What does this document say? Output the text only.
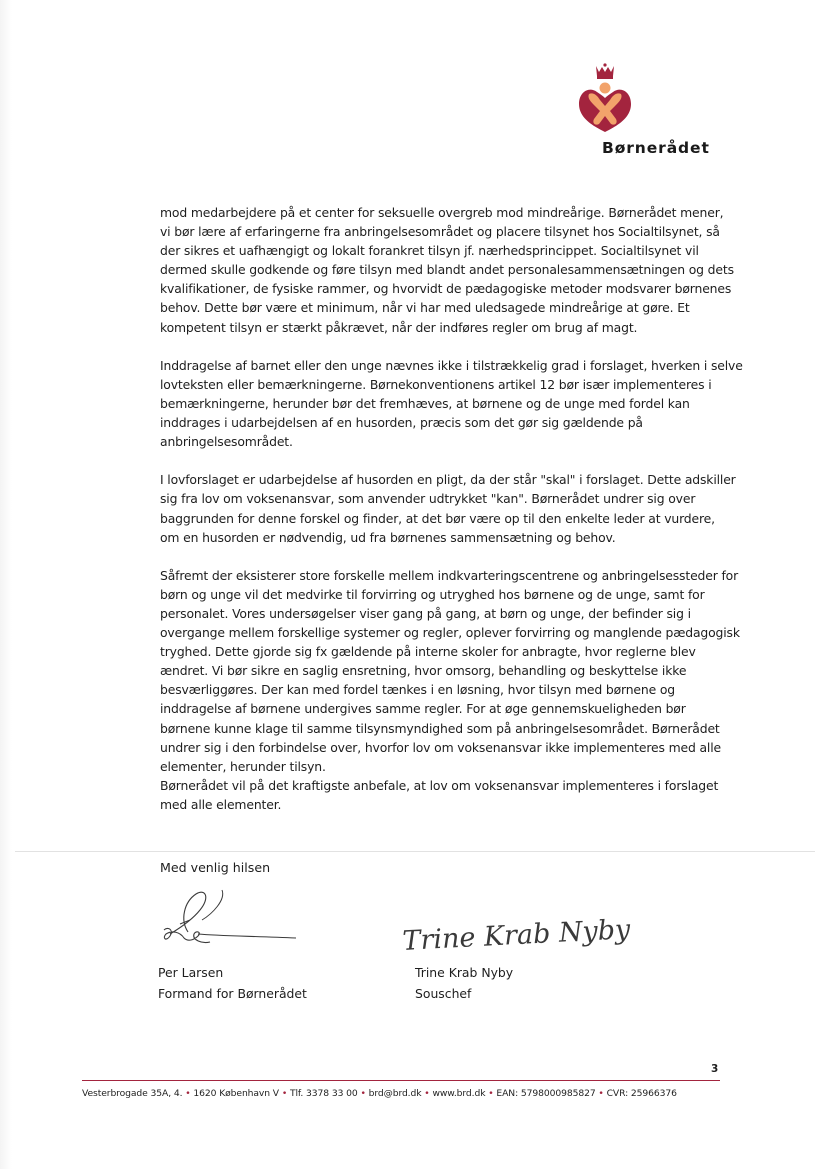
Børnerådet

mod medarbejdere på et center for seksuelle overgreb mod mindreårige. Børnerådet mener,
vi bør lære af erfaringerne fra anbringelsesområdet og placere tilsynet hos Socialtilsynet, så
der sikres et uafhængigt og lokalt forankret tilsyn jf. nærhedsprincippet. Socialtilsynet vil
dermed skulle godkende og føre tilsyn med blandt andet personalesammensætningen og dets
kvalifikationer, de fysiske rammer, og hvorvidt de pædagogiske metoder modsvarer børnenes
behov. Dette bør være et minimum, når vi har med uledsagede mindreårige at gøre. Et
kompetent tilsyn er stærkt påkrævet, når der indføres regler om brug af magt.

Inddragelse af barnet eller den unge nævnes ikke i tilstrækkelig grad i forslaget, hverken i selve
lovteksten eller bemærkningerne. Børnekonventionens artikel 12 bør især implementeres i
bemærkningerne, herunder bør det fremhæves, at børnene og de unge med fordel kan
inddrages i udarbejdelsen af en husorden, præcis som det gør sig gældende på
anbringelsesområdet.

I lovforslaget er udarbejdelse af husorden en pligt, da der står "skal" i forslaget. Dette adskiller
sig fra lov om voksenansvar, som anvender udtrykket "kan". Børnerådet undrer sig over
baggrunden for denne forskel og finder, at det bør være op til den enkelte leder at vurdere,
om en husorden er nødvendig, ud fra børnenes sammensætning og behov.

Såfremt der eksisterer store forskelle mellem indkvarteringscentrene og anbringelsessteder for
børn og unge vil det medvirke til forvirring og utryghed hos børnene og de unge, samt for
personalet. Vores undersøgelser viser gang på gang, at børn og unge, der befinder sig i
overgange mellem forskellige systemer og regler, oplever forvirring og manglende pædagogisk
tryghed. Dette gjorde sig fx gældende på interne skoler for anbragte, hvor reglerne blev
ændret. Vi bør sikre en saglig ensretning, hvor omsorg, behandling og beskyttelse ikke
besværliggøres. Der kan med fordel tænkes i en løsning, hvor tilsyn med børnene og
inddragelse af børnene undergives samme regler. For at øge gennemskueligheden bør
børnene kunne klage til samme tilsynsmyndighed som på anbringelsesområdet. Børnerådet
undrer sig i den forbindelse over, hvorfor lov om voksenansvar ikke implementeres med alle
elementer, herunder tilsyn.

Børnerådet vil på det kraftigste anbefale, at lov om voksenansvar implementeres i forslaget
med alle elementer.

Med venlig hilsen
Trine Krab Nyby
Per Larsen
Formand for Børnerådet
Trine Krab Nyby
Souschef
3
Vesterbrogade 35A, 4. • 1620 København V • Tlf. 3378 33 00 • brd@brd.dk • www.brd.dk • EAN: 5798000985827 • CVR: 25966376
